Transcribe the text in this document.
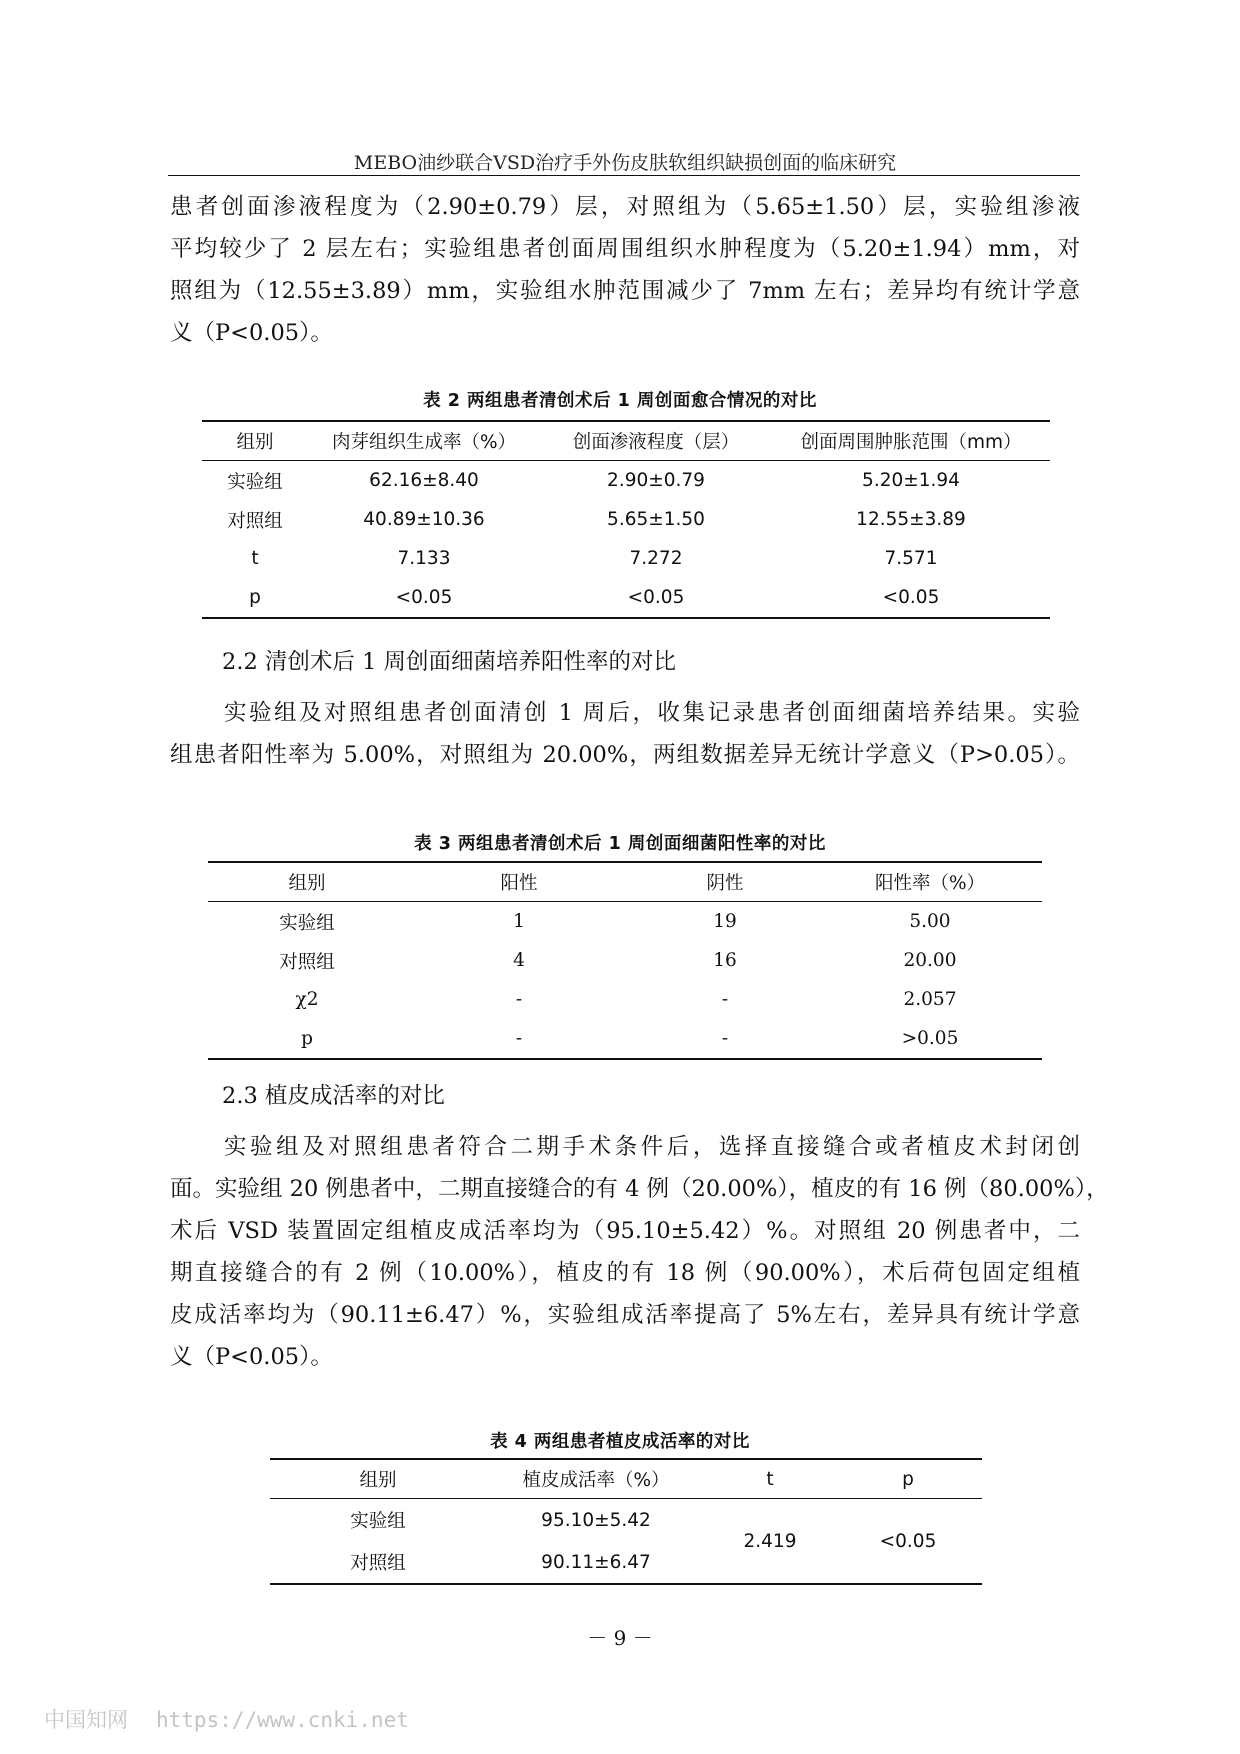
MEBO油纱联合VSD治疗手外伤皮肤软组织缺损创面的临床研究

患者创面渗液程度为（2.90±0.79）层，对照组为（5.65±1.50）层，实验组渗液
平均较少了 2 层左右；实验组患者创面周围组织水肿程度为（5.20±1.94）mm，对
照组为（12.55±3.89）mm，实验组水肿范围减少了 7mm 左右；差异均有统计学意
义（P<0.05）。

表 2 两组患者清创术后 1 周创面愈合情况的对比
组别	肉芽组织生成率（%）	创面渗液程度（层）	创面周围肿胀范围（mm）
实验组	62.16±8.40	2.90±0.79	5.20±1.94
对照组	40.89±10.36	5.65±1.50	12.55±3.89
t	7.133	7.272	7.571
p	<0.05	<0.05	<0.05
2.2 清创术后 1 周创面细菌培养阳性率的对比

实验组及对照组患者创面清创 1 周后，收集记录患者创面细菌培养结果。实验
组患者阳性率为 5.00%，对照组为 20.00%，两组数据差异无统计学意义（P>0.05）。

表 3 两组患者清创术后 1 周创面细菌阳性率的对比
组别	阳性	阴性	阳性率（%）
实验组	1	19	5.00
对照组	4	16	20.00
χ2	-	-	2.057
p	-	-	>0.05
2.3 植皮成活率的对比

实验组及对照组患者符合二期手术条件后，选择直接缝合或者植皮术封闭创
面。实验组 20 例患者中，二期直接缝合的有 4 例（20.00%），植皮的有 16 例（80.00%），
术后 VSD 装置固定组植皮成活率均为（95.10±5.42）%。对照组 20 例患者中，二
期直接缝合的有 2 例（10.00%），植皮的有 18 例（90.00%），术后荷包固定组植
皮成活率均为（90.11±6.47）%，实验组成活率提高了 5%左右，差异具有统计学意
义（P<0.05）。

表 4 两组患者植皮成活率的对比
组别	植皮成活率（%）	t	p
实验组	95.10±5.42	2.419	<0.05
对照组	90.11±6.47		
－ 9 －
中国知网 https://www.cnki.net
